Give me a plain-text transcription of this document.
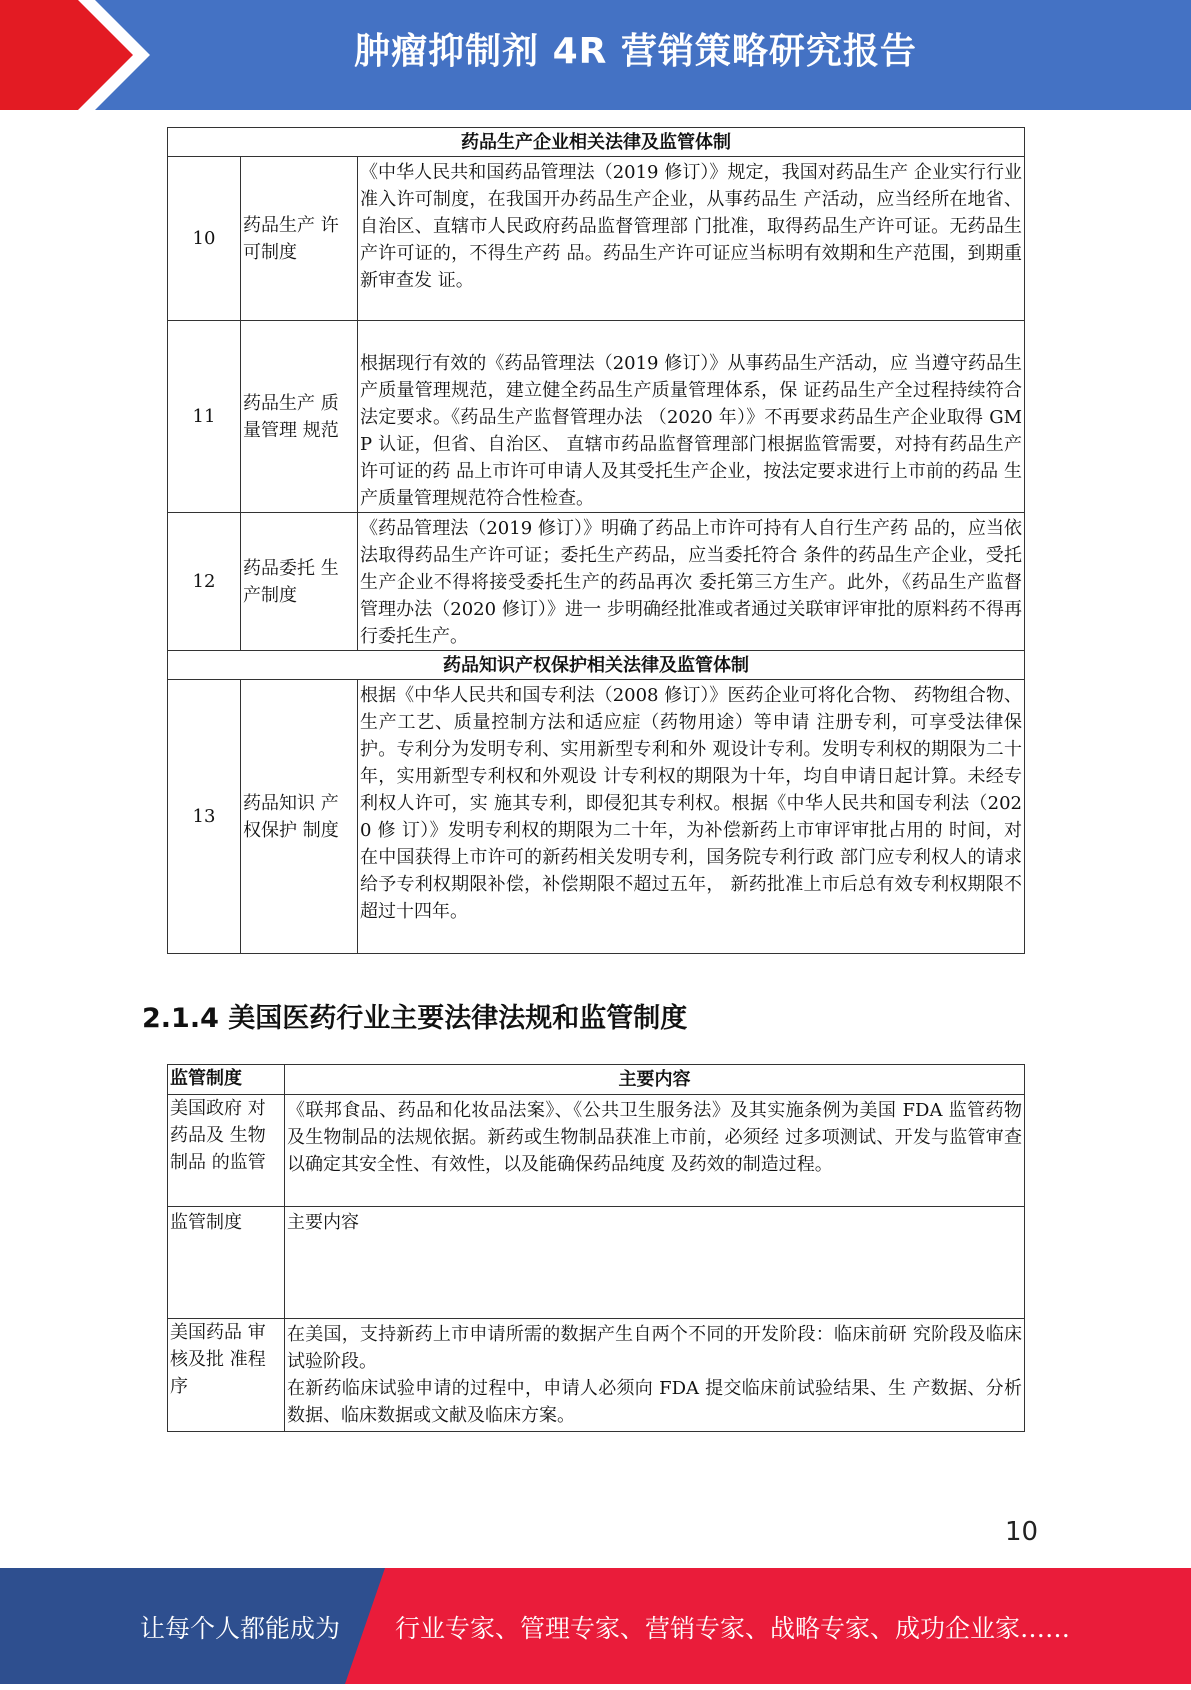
肿瘤抑制剂 4R 营销策略研究报告
药品生产企业相关法律及监管体制		
10	药品生产 许可制度	《中华人民共和国药品管理法（2019 修订）》规定，我国对药品生产 企业实行行业准入许可制度，在我国开办药品生产企业，从事药品生 产活动，应当经所在地省、自治区、直辖市人民政府药品监督管理部 门批准，取得药品生产许可证。无药品生产许可证的，不得生产药 品。药品生产许可证应当标明有效期和生产范围，到期重新审查发 证。
11	药品生产 质量管理 规范	根据现行有效的《药品管理法（2019 修订）》从事药品生产活动，应 当遵守药品生产质量管理规范，建立健全药品生产质量管理体系，保 证药品生产全过程持续符合法定要求。《药品生产监督管理办法 （2020 年）》不再要求药品生产企业取得 GMP 认证，但省、自治区、 直辖市药品监督管理部门根据监管需要，对持有药品生产许可证的药 品上市许可申请人及其受托生产企业，按法定要求进行上市前的药品 生产质量管理规范符合性检查。
12	药品委托 生产制度	《药品管理法（2019 修订）》明确了药品上市许可持有人自行生产药 品的，应当依法取得药品生产许可证；委托生产药品，应当委托符合 条件的药品生产企业，受托生产企业不得将接受委托生产的药品再次 委托第三方生产。此外，《药品生产监督管理办法（2020 修订）》进一 步明确经批准或者通过关联审评审批的原料药不得再行委托生产。
药品知识产权保护相关法律及监管体制		
13	药品知识 产权保护 制度	根据《中华人民共和国专利法（2008 修订）》医药企业可将化合物、 药物组合物、生产工艺、质量控制方法和适应症（药物用途）等申请 注册专利，可享受法律保护。专利分为发明专利、实用新型专利和外 观设计专利。发明专利权的期限为二十年，实用新型专利权和外观设 计专利权的期限为十年，均自申请日起计算。未经专利权人许可，实 施其专利，即侵犯其专利权。根据《中华人民共和国专利法（2020 修 订）》发明专利权的期限为二十年，为补偿新药上市审评审批占用的 时间，对在中国获得上市许可的新药相关发明专利，国务院专利行政 部门应专利权人的请求给予专利权期限补偿，补偿期限不超过五年， 新药批准上市后总有效专利权期限不超过十四年。
2.1.4 美国医药行业主要法律法规和监管制度
监管制度	主要内容
美国政府 对药品及 生物制品 的监管	《联邦食品、药品和化妆品法案》、《公共卫生服务法》及其实施条例为美国 FDA 监管药物及生物制品的法规依据。新药或生物制品获准上市前，必须经 过多项测试、开发与监管审查以确定其安全性、有效性，以及能确保药品纯度 及药效的制造过程。
监管制度	主要内容
美国药品 审核及批 准程序	在美国，支持新药上市申请所需的数据产生自两个不同的开发阶段：临床前研 究阶段及临床试验阶段。
在新药临床试验申请的过程中，申请人必须向 FDA 提交临床前试验结果、生 产数据、分析数据、临床数据或文献及临床方案。
10
让每个人都能成为 行业专家、管理专家、营销专家、战略专家、成功企业家……
